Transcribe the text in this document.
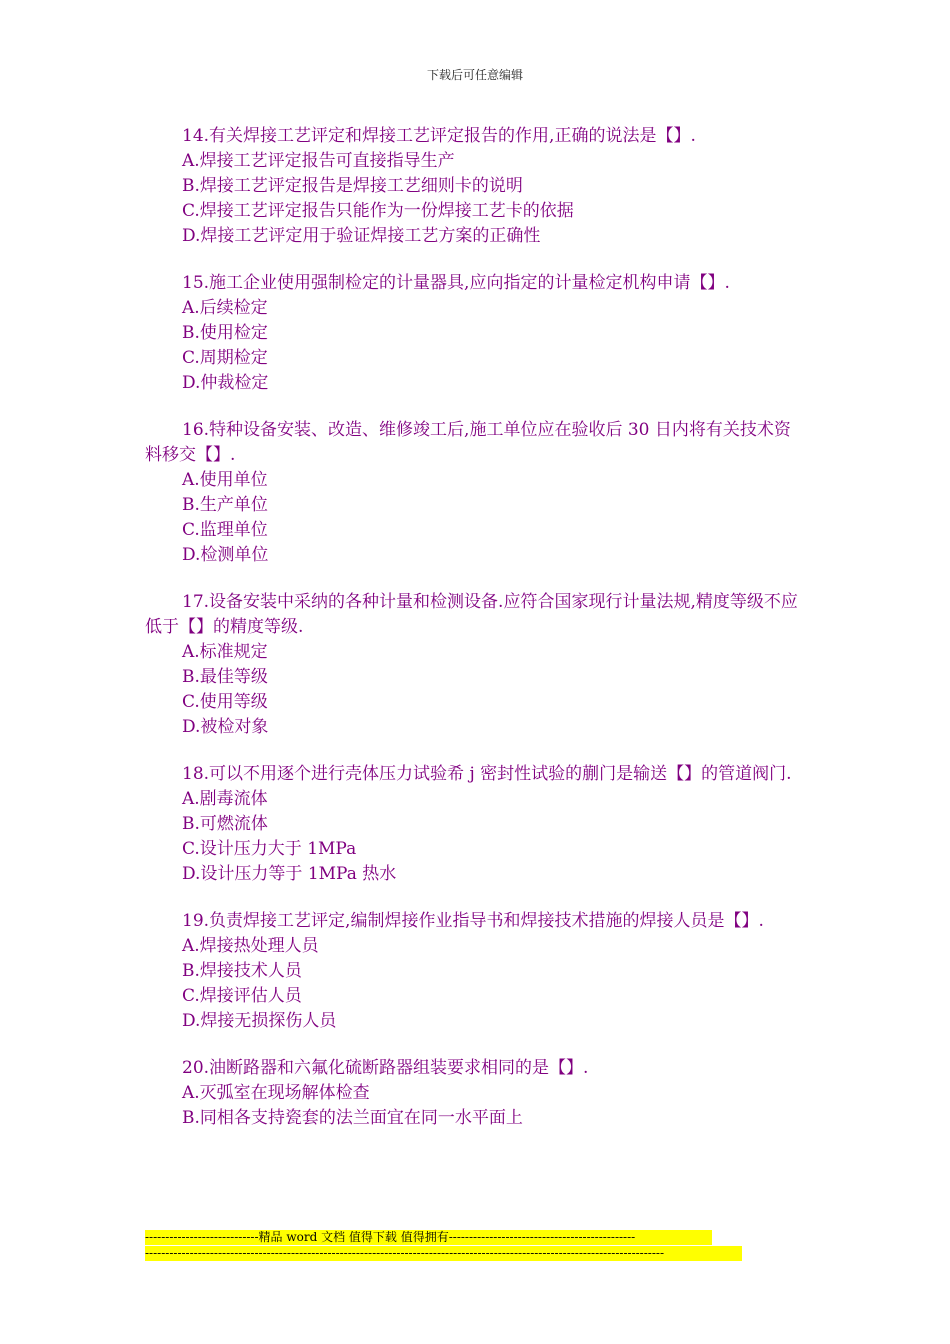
下载后可任意编辑
14.有关焊接工艺评定和焊接工艺评定报告的作用,正确的说法是【】.
A.焊接工艺评定报告可直接指导生产
B.焊接工艺评定报告是焊接工艺细则卡的说明
C.焊接工艺评定报告只能作为一份焊接工艺卡的依据
D.焊接工艺评定用于验证焊接工艺方案的正确性
15.施工企业使用强制检定的计量器具,应向指定的计量检定机构申请【】.
A.后续检定
B.使用检定
C.周期检定
D.仲裁检定
16.特种设备安装、改造、维修竣工后,施工单位应在验收后 30 日内将有关技术资料移交【】.
A.使用单位
B.生产单位
C.监理单位
D.检测单位
17.设备安装中采纳的各种计量和检测设备.应符合国家现行计量法规,精度等级不应低于【】的精度等级.
A.标准规定
B.最佳等级
C.使用等级
D.被检对象
18.可以不用逐个进行壳体压力试验希 j 密封性试验的蒯门是输送【】的管道阀门.
A.剧毒流体
B.可燃流体
C.设计压力大于 1MPa
D.设计压力等于 1MPa 热水
19.负责焊接工艺评定,编制焊接作业指导书和焊接技术措施的焊接人员是【】.
A.焊接热处理人员
B.焊接技术人员
C.焊接评估人员
D.焊接无损探伤人员
20.油断路器和六氟化硫断路器组装要求相同的是【】.
A.灭弧室在现场解体检查
B.同相各支持瓷套的法兰面宜在同一水平面上
----------------------------精品 word 文档 值得下载 值得拥有----------------------------------------------
--------------------------------------------------------------------------------------------------------------------------------
